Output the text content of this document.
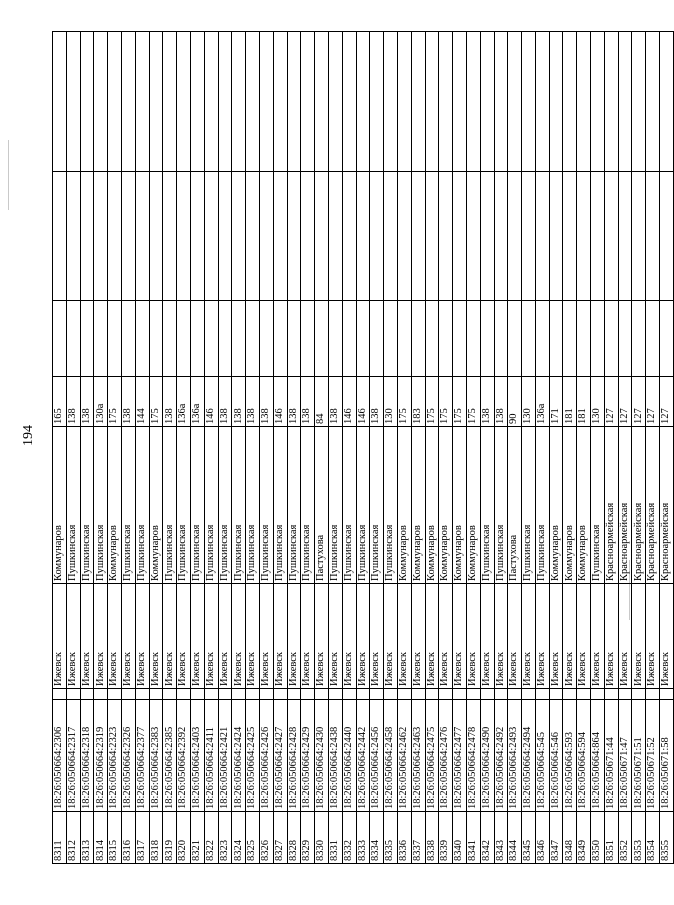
194
8311	18:26:050664:2306		Ижевск	Коммунаров	165			
8312	18:26:050664:2317		Ижевск	Пушкинская	138			
8313	18:26:050664:2318		Ижевск	Пушкинская	138			
8314	18:26:050664:2319		Ижевск	Пушкинская	130а			
8315	18:26:050664:2323		Ижевск	Коммунаров	175			
8316	18:26:050664:2326		Ижевск	Пушкинская	138			
8317	18:26:050664:2377		Ижевск	Пушкинская	144			
8318	18:26:050664:2383		Ижевск	Коммунаров	175			
8319	18:26:050664:2385		Ижевск	Пушкинская	138			
8320	18:26:050664:2392		Ижевск	Пушкинская	136а			
8321	18:26:050664:2403		Ижевск	Пушкинская	136а			
8322	18:26:050664:2411		Ижевск	Пушкинская	146			
8323	18:26:050664:2421		Ижевск	Пушкинская	138			
8324	18:26:050664:2424		Ижевск	Пушкинская	138			
8325	18:26:050664:2425		Ижевск	Пушкинская	138			
8326	18:26:050664:2426		Ижевск	Пушкинская	138			
8327	18:26:050664:2427		Ижевск	Пушкинская	146			
8328	18:26:050664:2428		Ижевск	Пушкинская	138			
8329	18:26:050664:2429		Ижевск	Пушкинская	138			
8330	18:26:050664:2430		Ижевск	Пастухова	84			
8331	18:26:050664:2438		Ижевск	Пушкинская	138			
8332	18:26:050664:2440		Ижевск	Пушкинская	146			
8333	18:26:050664:2442		Ижевск	Пушкинская	146			
8334	18:26:050664:2456		Ижевск	Пушкинская	138			
8335	18:26:050664:2458		Ижевск	Пушкинская	130			
8336	18:26:050664:2462		Ижевск	Коммунаров	175			
8337	18:26:050664:2463		Ижевск	Коммунаров	183			
8338	18:26:050664:2475		Ижевск	Коммунаров	175			
8339	18:26:050664:2476		Ижевск	Коммунаров	175			
8340	18:26:050664:2477		Ижевск	Коммунаров	175			
8341	18:26:050664:2478		Ижевск	Коммунаров	175			
8342	18:26:050664:2490		Ижевск	Пушкинская	138			
8343	18:26:050664:2492		Ижевск	Пушкинская	138			
8344	18:26:050664:2493		Ижевск	Пастухова	90			
8345	18:26:050664:2494		Ижевск	Пушкинская	130			
8346	18:26:050664:545		Ижевск	Пушкинская	136а			
8347	18:26:050664:546		Ижевск	Коммунаров	171			
8348	18:26:050664:593		Ижевск	Коммунаров	181			
8349	18:26:050664:594		Ижевск	Коммунаров	181			
8350	18:26:050664:864		Ижевск	Пушкинская	130			
8351	18:26:050671:44		Ижевск	Красноармейская	127			
8352	18:26:050671:47		Ижевск	Красноармейская	127			
8353	18:26:050671:51		Ижевск	Красноармейская	127			
8354	18:26:050671:52		Ижевск	Красноармейская	127			
8355	18:26:050671:58		Ижевск	Красноармейская	127			
